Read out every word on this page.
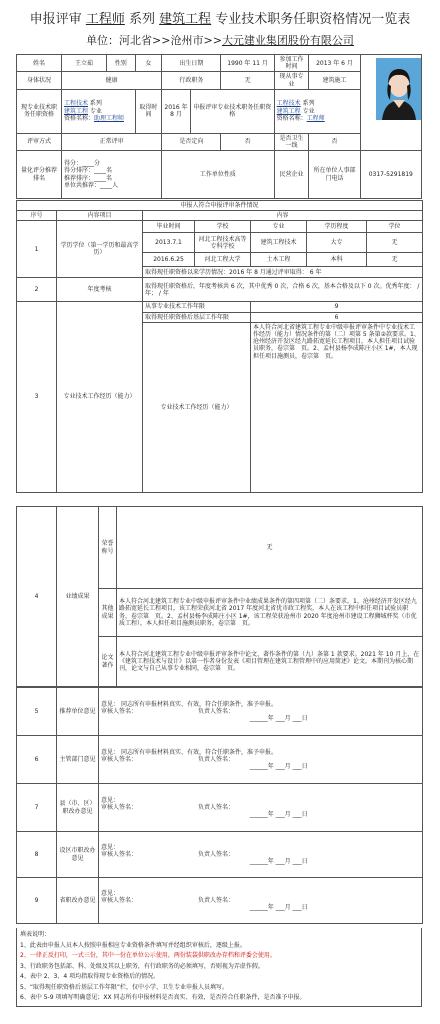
申报评审 工程师 系列 建筑工程 专业技术职务任职资格情况一览表
单位：河北省>>沧州市>>大元建业集团股份有限公司
姓名	王立茹	性别	女	出生日期		1990 年 11 月	参加工作时间	2013 年 6 月	
身体状况	健康			行政职务		无	现从事专业	建筑施工	
现专业技术职务任职资格	工程技术 系列
建筑工程 专业
资格名称：助理工程师		取得时间	2016 年 8 月	申报评审专业技术职务任职资格		工程技术 系列
建筑工程 专业
资格名称：工程师		
评审方式	正常评审			是否定向		否	是否卫生一线	否	
量化评分推荐排名	得分：____分
得分排序：____名
推荐排序：____名
单位共推荐：____人			工作单位性质			民营企业	所在单位人事部门电话	0317-5291819
申报人符合申报评审条件情况						
序号	内容项目	内容				
1	学历学位（第一学历和最高学历）	毕业时间	学校	专业	学历程度	学位
		2013.7.1	河北工程技术高等专科学校	建筑工程技术	大专	无
		2016.6.25	河北工程大学	土木工程	本科	无
		取得现任职资格以来学历情况：2016 年 8 月通过评审取得： 6 年				
2	年度考核	取得现任职资格后，年度考核共 6 次，其中优秀 0 次，合格 6 次，基本合格及以下 0 次。优秀年度： / 年； / 年				
3	专业技术工作经历（能力）	从事专业技术工作年限		9		
		取得现任职资格后基层工作年限		6		
		专业技术工作经历（能力）		本人符合河北省建筑工程专业中级申报评审条件中专业技术工作经历（能力）情况条件的第（二）项第 5 条第②款要求。1、沧州经济开发区经九路拓宽延长工程项目，本人担任项目试验员职务，卷宗第　页。2、孟村县杨李成陈庄小区 1#，本人现担任项目施测员，卷宗第　页。		
4	业绩成果	荣誉称号	无
		其他成果	本人符合河北建筑工程专业中级申报评审条件中业绩成果条件的第四项第（二）条要求。1、沧州经济开发区经九路拓宽延长工程项目，该工程荣获河北省 2017 年度河北省优市政工程奖，本人在该工程中担任项目试验员职务，卷宗第　页。2、孟村县杨李成陈庄小区 1#，该工程荣获沧州市 2020 年度沧州市建设工程狮城杯奖（市优质工程），本人担任项目施测员职务，卷宗第　页。
		论文著作	本人符合河北建筑工程专业中级申报评审条件中论文、著作条件的第（九）条第 1 款要求。2021 年 10 月上，在《建筑工程技术与设计》以第一作者身份发表《项目管理在建筑工程管理中的应用简述》论文，本期刊为核心期刊，论文与自己从事专业相同，卷宗第　页。
5	推荐单位意见	意见： 同志所有申报材料真实、有效，符合任职条件，准予申报。
审核人签名： 负责人签名：
______年 ___月 ___日
6	主管部门意见	意见： 同志所有申报材料真实、有效，符合任职条件，准予申报。
审核人签名： 负责人签名：
______年 ___月 ___日
7	县（市、区）职改办意见	意见：
审核人签名： 负责人签名：
______年 ___月 ___日
8	设区市职改办意见	意见：
审核人签名： 负责人签名：
______年 ___月 ___日
9	省职改办意见	意见：
审核人签名： 负责人签名：
______年 ___月 ___日
填表说明：
1、此表由申报人员本人按照申报相应专业资格条件填写并经组织审核后，逐级上报。
2、一律正反打印，一式三份，其中一份在单位公示使用，两份装袋供职改办存档和评委会使用。
3、行政职务包括部、科、处级及其以上职务，有行政职务的必须填写，否则视为弄虚作假。
4、表中 2、3、4 项均指取得现专业资格后的情况。
5、“取得现任职资格后基层工作年限”栏，仅中小学、卫生专业申报人员填写。
6、表中 5-9 项填写明确意见；XX 同志所有申报材料是否真实、有效，是否符合任职条件，是否准予申报。
